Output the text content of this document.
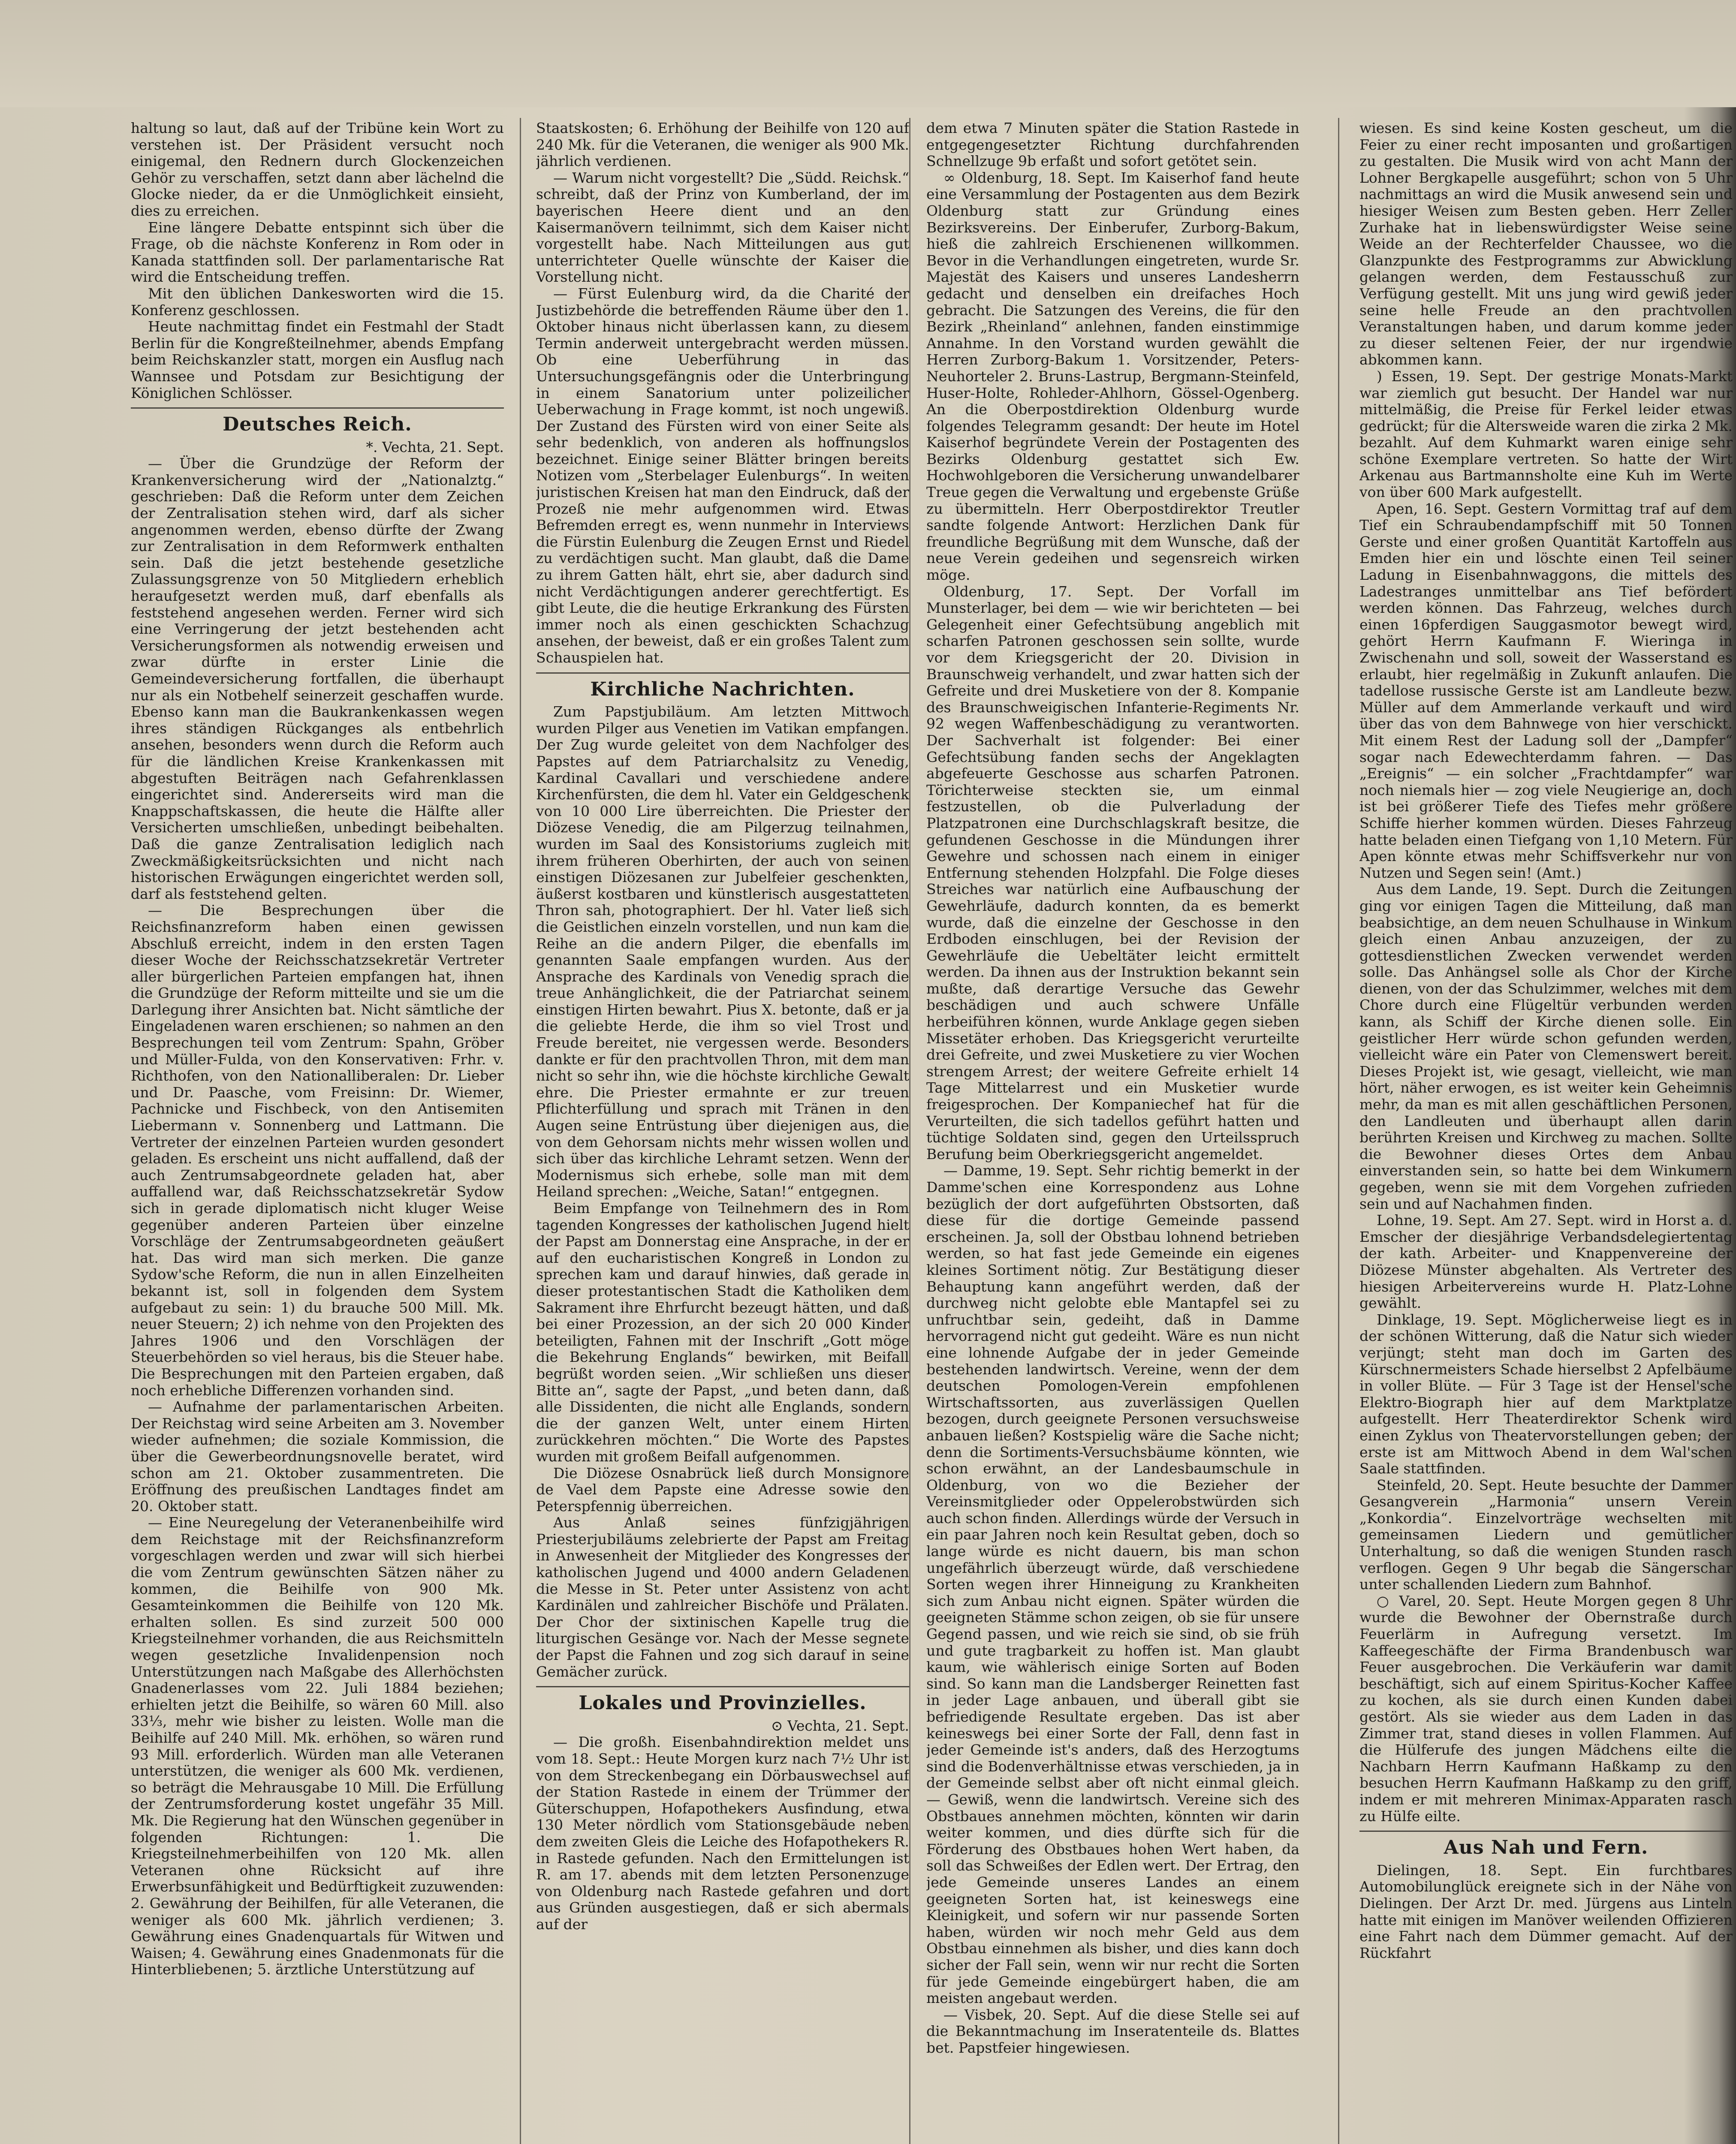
haltung so laut, daß auf der Tribüne kein Wort zu verstehen ist. Der Präsident versucht noch einigemal, den Rednern durch Glockenzeichen Gehör zu verschaffen, setzt dann aber lächelnd die Glocke nieder, da er die Unmöglichkeit einsieht, dies zu erreichen.

Eine längere Debatte entspinnt sich über die Frage, ob die nächste Konferenz in Rom oder in Kanada stattfinden soll. Der parlamentarische Rat wird die Entscheidung treffen.

Mit den üblichen Dankesworten wird die 15. Konferenz geschlossen.

Heute nachmittag findet ein Festmahl der Stadt Berlin für die Kongreßteilnehmer, abends Empfang beim Reichskanzler statt, morgen ein Ausflug nach Wannsee und Potsdam zur Besichtigung der Königlichen Schlösser.

Deutsches Reich.

*. Vechta, 21. Sept.

— Über die Grundzüge der Reform der Krankenversicherung wird der „Nationalztg.“ geschrieben: Daß die Reform unter dem Zeichen der Zentralisation stehen wird, darf als sicher angenommen werden, ebenso dürfte der Zwang zur Zentralisation in dem Reformwerk enthalten sein. Daß die jetzt bestehende gesetzliche Zulassungsgrenze von 50 Mitgliedern erheblich heraufgesetzt werden muß, darf ebenfalls als feststehend angesehen werden. Ferner wird sich eine Verringerung der jetzt bestehenden acht Versicherungsformen als notwendig erweisen und zwar dürfte in erster Linie die Gemeindeversicherung fortfallen, die überhaupt nur als ein Notbehelf seinerzeit geschaffen wurde. Ebenso kann man die Baukrankenkassen wegen ihres ständigen Rückganges als entbehrlich ansehen, besonders wenn durch die Reform auch für die ländlichen Kreise Krankenkassen mit abgestuften Beiträgen nach Gefahrenklassen eingerichtet sind. Andererseits wird man die Knappschaftskassen, die heute die Hälfte aller Versicherten umschließen, unbedingt beibehalten. Daß die ganze Zentralisation lediglich nach Zweckmäßigkeitsrücksichten und nicht nach historischen Erwägungen eingerichtet werden soll, darf als feststehend gelten.

— Die Besprechungen über die Reichsfinanzreform haben einen gewissen Abschluß erreicht, indem in den ersten Tagen dieser Woche der Reichsschatzsekretär Vertreter aller bürgerlichen Parteien empfangen hat, ihnen die Grundzüge der Reform mitteilte und sie um die Darlegung ihrer Ansichten bat. Nicht sämtliche der Eingeladenen waren erschienen; so nahmen an den Besprechungen teil vom Zentrum: Spahn, Gröber und Müller-Fulda, von den Konservativen: Frhr. v. Richthofen, von den Nationalliberalen: Dr. Lieber und Dr. Paasche, vom Freisinn: Dr. Wiemer, Pachnicke und Fischbeck, von den Antisemiten Liebermann v. Sonnenberg und Lattmann. Die Vertreter der einzelnen Parteien wurden gesondert geladen. Es erscheint uns nicht auffallend, daß der auch Zentrumsabgeordnete geladen hat, aber auffallend war, daß Reichsschatzsekretär Sydow sich in gerade diplomatisch nicht kluger Weise gegenüber anderen Parteien über einzelne Vorschläge der Zentrumsabgeordneten geäußert hat. Das wird man sich merken. Die ganze Sydow'sche Reform, die nun in allen Einzelheiten bekannt ist, soll in folgenden dem System aufgebaut zu sein: 1) du brauche 500 Mill. Mk. neuer Steuern; 2) ich nehme von den Projekten des Jahres 1906 und den Vorschlägen der Steuerbehörden so viel heraus, bis die Steuer habe. Die Besprechungen mit den Parteien ergaben, daß noch erhebliche Differenzen vorhanden sind.

— Aufnahme der parlamentarischen Arbeiten. Der Reichstag wird seine Arbeiten am 3. November wieder aufnehmen; die soziale Kommission, die über die Gewerbeordnungsnovelle beratet, wird schon am 21. Oktober zusammentreten. Die Eröffnung des preußischen Landtages findet am 20. Oktober statt.

— Eine Neuregelung der Veteranenbeihilfe wird dem Reichstage mit der Reichsfinanzreform vorgeschlagen werden und zwar will sich hierbei die vom Zentrum gewünschten Sätzen näher zu kommen, die Beihilfe von 900 Mk. Gesamteinkommen die Beihilfe von 120 Mk. erhalten sollen. Es sind zurzeit 500 000 Kriegsteilnehmer vorhanden, die aus Reichsmitteln wegen gesetzliche Invalidenpension noch Unterstützungen nach Maßgabe des Allerhöchsten Gnadenerlasses vom 22. Juli 1884 beziehen; erhielten jetzt die Beihilfe, so wären 60 Mill. also 33⅓, mehr wie bisher zu leisten. Wolle man die Beihilfe auf 240 Mill. Mk. erhöhen, so wären rund 93 Mill. erforderlich. Würden man alle Veteranen unterstützen, die weniger als 600 Mk. verdienen, so beträgt die Mehrausgabe 10 Mill. Die Erfüllung der Zentrumsforderung kostet ungefähr 35 Mill. Mk. Die Regierung hat den Wünschen gegenüber in folgenden Richtungen: 1. Die Kriegsteilnehmerbeihilfen von 120 Mk. allen Veteranen ohne Rücksicht auf ihre Erwerbsunfähigkeit und Bedürftigkeit zuzuwenden: 2. Gewährung der Beihilfen, für alle Veteranen, die weniger als 600 Mk. jährlich verdienen; 3. Gewährung eines Gnadenquartals für Witwen und Waisen; 4. Gewährung eines Gnadenmonats für die Hinterbliebenen; 5. ärztliche Unterstützung auf

Staatskosten; 6. Erhöhung der Beihilfe von 120 auf 240 Mk. für die Veteranen, die weniger als 900 Mk. jährlich verdienen.

— Warum nicht vorgestellt? Die „Südd. Reichsk.“ schreibt, daß der Prinz von Kumberland, der im bayerischen Heere dient und an den Kaisermanövern teilnimmt, sich dem Kaiser nicht vorgestellt habe. Nach Mitteilungen aus gut unterrichteter Quelle wünschte der Kaiser die Vorstellung nicht.

— Fürst Eulenburg wird, da die Charité der Justizbehörde die betreffenden Räume über den 1. Oktober hinaus nicht überlassen kann, zu diesem Termin anderweit untergebracht werden müssen. Ob eine Ueberführung in das Untersuchungsgefängnis oder die Unterbringung in einem Sanatorium unter polizeilicher Ueberwachung in Frage kommt, ist noch ungewiß. Der Zustand des Fürsten wird von einer Seite als sehr bedenklich, von anderen als hoffnungslos bezeichnet. Einige seiner Blätter bringen bereits Notizen vom „Sterbelager Eulenburgs“. In weiten juristischen Kreisen hat man den Eindruck, daß der Prozeß nie mehr aufgenommen wird. Etwas Befremden erregt es, wenn nunmehr in Interviews die Fürstin Eulenburg die Zeugen Ernst und Riedel zu verdächtigen sucht. Man glaubt, daß die Dame zu ihrem Gatten hält, ehrt sie, aber dadurch sind nicht Verdächtigungen anderer gerechtfertigt. Es gibt Leute, die die heutige Erkrankung des Fürsten immer noch als einen geschickten Schachzug ansehen, der beweist, daß er ein großes Talent zum Schauspielen hat.

Kirchliche Nachrichten.

Zum Papstjubiläum. Am letzten Mittwoch wurden Pilger aus Venetien im Vatikan empfangen. Der Zug wurde geleitet von dem Nachfolger des Papstes auf dem Patriarchalsitz zu Venedig, Kardinal Cavallari und verschiedene andere Kirchenfürsten, die dem hl. Vater ein Geldgeschenk von 10 000 Lire überreichten. Die Priester der Diözese Venedig, die am Pilgerzug teilnahmen, wurden im Saal des Konsistoriums zugleich mit ihrem früheren Oberhirten, der auch von seinen einstigen Diözesanen zur Jubelfeier geschenkten, äußerst kostbaren und künstlerisch ausgestatteten Thron sah, photographiert. Der hl. Vater ließ sich die Geistlichen einzeln vorstellen, und nun kam die Reihe an die andern Pilger, die ebenfalls im genannten Saale empfangen wurden. Aus der Ansprache des Kardinals von Venedig sprach die treue Anhänglichkeit, die der Patriarchat seinem einstigen Hirten bewahrt. Pius X. betonte, daß er ja die geliebte Herde, die ihm so viel Trost und Freude bereitet, nie vergessen werde. Besonders dankte er für den prachtvollen Thron, mit dem man nicht so sehr ihn, wie die höchste kirchliche Gewalt ehre. Die Priester ermahnte er zur treuen Pflichterfüllung und sprach mit Tränen in den Augen seine Entrüstung über diejenigen aus, die von dem Gehorsam nichts mehr wissen wollen und sich über das kirchliche Lehramt setzen. Wenn der Modernismus sich erhebe, solle man mit dem Heiland sprechen: „Weiche, Satan!“ entgegnen.

Beim Empfange von Teilnehmern des in Rom tagenden Kongresses der katholischen Jugend hielt der Papst am Donnerstag eine Ansprache, in der er auf den eucharistischen Kongreß in London zu sprechen kam und darauf hinwies, daß gerade in dieser protestantischen Stadt die Katholiken dem Sakrament ihre Ehrfurcht bezeugt hätten, und daß bei einer Prozession, an der sich 20 000 Kinder beteiligten, Fahnen mit der Inschrift „Gott möge die Bekehrung Englands“ bewirken, mit Beifall begrüßt worden seien. „Wir schließen uns dieser Bitte an“, sagte der Papst, „und beten dann, daß alle Dissidenten, die nicht alle Englands, sondern die der ganzen Welt, unter einem Hirten zurückkehren möchten.“ Die Worte des Papstes wurden mit großem Beifall aufgenommen.

Die Diözese Osnabrück ließ durch Monsignore de Vael dem Papste eine Adresse sowie den Peterspfennig überreichen.

Aus Anlaß seines fünfzigjährigen Priesterjubiläums zelebrierte der Papst am Freitag in Anwesenheit der Mitglieder des Kongresses der katholischen Jugend und 4000 andern Geladenen die Messe in St. Peter unter Assistenz von acht Kardinälen und zahlreicher Bischöfe und Prälaten. Der Chor der sixtinischen Kapelle trug die liturgischen Gesänge vor. Nach der Messe segnete der Papst die Fahnen und zog sich darauf in seine Gemächer zurück.

Lokales und Provinzielles.

⊙ Vechta, 21. Sept.

— Die großh. Eisenbahndirektion meldet uns vom 18. Sept.: Heute Morgen kurz nach 7½ Uhr ist von dem Streckenbegang ein Dörbauswechsel auf der Station Rastede in einem der Trümmer der Güterschuppen, Hofapothekers Ausfindung, etwa 130 Meter nördlich vom Stationsgebäude neben dem zweiten Gleis die Leiche des Hofapothekers R. in Rastede gefunden. Nach den Ermittelungen ist R. am 17. abends mit dem letzten Personenzuge von Oldenburg nach Rastede gefahren und dort aus Gründen ausgestiegen, daß er sich abermals auf der

dem etwa 7 Minuten später die Station Rastede in entgegengesetzter Richtung durchfahrenden Schnellzuge 9b erfaßt und sofort getötet sein.

∞ Oldenburg, 18. Sept. Im Kaiserhof fand heute eine Versammlung der Postagenten aus dem Bezirk Oldenburg statt zur Gründung eines Bezirksvereins. Der Einberufer, Zurborg-Bakum, hieß die zahlreich Erschienenen willkommen. Bevor in die Verhandlungen eingetreten, wurde Sr. Majestät des Kaisers und unseres Landesherrn gedacht und denselben ein dreifaches Hoch gebracht. Die Satzungen des Vereins, die für den Bezirk „Rheinland“ anlehnen, fanden einstimmige Annahme. In den Vorstand wurden gewählt die Herren Zurborg-Bakum 1. Vorsitzender, Peters-Neuhorteler 2. Bruns-Lastrup, Bergmann-Steinfeld, Huser-Holte, Rohleder-Ahlhorn, Gössel-Ogenberg. An die Oberpostdirektion Oldenburg wurde folgendes Telegramm gesandt: Der heute im Hotel Kaiserhof begründete Verein der Postagenten des Bezirks Oldenburg gestattet sich Ew. Hochwohlgeboren die Versicherung unwandelbarer Treue gegen die Verwaltung und ergebenste Grüße zu übermitteln. Herr Oberpostdirektor Treutler sandte folgende Antwort: Herzlichen Dank für freundliche Begrüßung mit dem Wunsche, daß der neue Verein gedeihen und segensreich wirken möge.

Oldenburg, 17. Sept. Der Vorfall im Munsterlager, bei dem — wie wir berichteten — bei Gelegenheit einer Gefechtsübung angeblich mit scharfen Patronen geschossen sein sollte, wurde vor dem Kriegsgericht der 20. Division in Braunschweig verhandelt, und zwar hatten sich der Gefreite und drei Musketiere von der 8. Kompanie des Braunschweigischen Infanterie-Regiments Nr. 92 wegen Waffenbeschädigung zu verantworten. Der Sachverhalt ist folgender: Bei einer Gefechtsübung fanden sechs der Angeklagten abgefeuerte Geschosse aus scharfen Patronen. Törichterweise steckten sie, um einmal festzustellen, ob die Pulverladung der Platzpatronen eine Durchschlagskraft besitze, die gefundenen Geschosse in die Mündungen ihrer Gewehre und schossen nach einem in einiger Entfernung stehenden Holzpfahl. Die Folge dieses Streiches war natürlich eine Aufbauschung der Gewehrläufe, dadurch konnten, da es bemerkt wurde, daß die einzelne der Geschosse in den Erdboden einschlugen, bei der Revision der Gewehrläufe die Uebeltäter leicht ermittelt werden. Da ihnen aus der Instruktion bekannt sein mußte, daß derartige Versuche das Gewehr beschädigen und auch schwere Unfälle herbeiführen können, wurde Anklage gegen sieben Missetäter erhoben. Das Kriegsgericht verurteilte drei Gefreite, und zwei Musketiere zu vier Wochen strengem Arrest; der weitere Gefreite erhielt 14 Tage Mittelarrest und ein Musketier wurde freigesprochen. Der Kompaniechef hat für die Verurteilten, die sich tadellos geführt hatten und tüchtige Soldaten sind, gegen den Urteilsspruch Berufung beim Oberkriegsgericht angemeldet.

— Damme, 19. Sept. Sehr richtig bemerkt in der Damme'schen eine Korrespondenz aus Lohne bezüglich der dort aufgeführten Obstsorten, daß diese für die dortige Gemeinde passend erscheinen. Ja, soll der Obstbau lohnend betrieben werden, so hat fast jede Gemeinde ein eigenes kleines Sortiment nötig. Zur Bestätigung dieser Behauptung kann angeführt werden, daß der durchweg nicht gelobte eble Mantapfel sei zu unfruchtbar sein, gedeiht, daß in Damme hervorragend nicht gut gedeiht. Wäre es nun nicht eine lohnende Aufgabe der in jeder Gemeinde bestehenden landwirtsch. Vereine, wenn der dem deutschen Pomologen-Verein empfohlenen Wirtschaftssorten, aus zuverlässigen Quellen bezogen, durch geeignete Personen versuchsweise anbauen ließen? Kostspielig wäre die Sache nicht; denn die Sortiments-Versuchsbäume könnten, wie schon erwähnt, an der Landesbaumschule in Oldenburg, von wo die Bezieher der Vereinsmitglieder oder Oppelerobstwürden sich auch schon finden. Allerdings würde der Versuch in ein paar Jahren noch kein Resultat geben, doch so lange würde es nicht dauern, bis man schon ungefährlich überzeugt würde, daß verschiedene Sorten wegen ihrer Hinneigung zu Krankheiten sich zum Anbau nicht eignen. Später würden die geeigneten Stämme schon zeigen, ob sie für unsere Gegend passen, und wie reich sie sind, ob sie früh und gute tragbarkeit zu hoffen ist. Man glaubt kaum, wie wählerisch einige Sorten auf Boden sind. So kann man die Landsberger Reinetten fast in jeder Lage anbauen, und überall gibt sie befriedigende Resultate ergeben. Das ist aber keineswegs bei einer Sorte der Fall, denn fast in jeder Gemeinde ist's anders, daß des Herzogtums sind die Bodenverhältnisse etwas verschieden, ja in der Gemeinde selbst aber oft nicht einmal gleich. — Gewiß, wenn die landwirtsch. Vereine sich des Obstbaues annehmen möchten, könnten wir darin weiter kommen, und dies dürfte sich für die Förderung des Obstbaues hohen Wert haben, da soll das Schweißes der Edlen wert. Der Ertrag, den jede Gemeinde unseres Landes an einem geeigneten Sorten hat, ist keineswegs eine Kleinigkeit, und sofern wir nur passende Sorten haben, würden wir noch mehr Geld aus dem Obstbau einnehmen als bisher, und dies kann doch sicher der Fall sein, wenn wir nur recht die Sorten für jede Gemeinde eingebürgert haben, die am meisten angebaut werden.

— Visbek, 20. Sept. Auf die diese Stelle sei auf die Bekanntmachung im Inseratenteile ds. Blattes bet. Papstfeier hingewiesen.

wiesen. Es sind keine Kosten gescheut, um die Feier zu einer recht imposanten und großartigen zu gestalten. Die Musik wird von acht Mann der Lohner Bergkapelle ausgeführt; schon von 5 Uhr nachmittags an wird die Musik anwesend sein und hiesiger Weisen zum Besten geben. Herr Zeller Zurhake hat in liebenswürdigster Weise seine Weide an der Rechterfelder Chaussee, wo die Glanzpunkte des Festprogramms zur Abwicklung gelangen werden, dem Festausschuß zur Verfügung gestellt. Mit uns jung wird gewiß jeder seine helle Freude an den prachtvollen Veranstaltungen haben, und darum komme jeder zu dieser seltenen Feier, der nur irgendwie abkommen kann.

) Essen, 19. Sept. Der gestrige Monats-Markt war ziemlich gut besucht. Der Handel war nur mittelmäßig, die Preise für Ferkel leider etwas gedrückt; für die Altersweide waren die zirka 2 Mk. bezahlt. Auf dem Kuhmarkt waren einige sehr schöne Exemplare vertreten. So hatte der Wirt Arkenau aus Bartmannsholte eine Kuh im Werte von über 600 Mark aufgestellt.

Apen, 16. Sept. Gestern Vormittag traf auf dem Tief ein Schraubendampfschiff mit 50 Tonnen Gerste und einer großen Quantität Kartoffeln aus Emden hier ein und löschte einen Teil seiner Ladung in Eisenbahnwaggons, die mittels des Ladestranges unmittelbar ans Tief befördert werden können. Das Fahrzeug, welches durch einen 16pferdigen Sauggasmotor bewegt wird, gehört Herrn Kaufmann F. Wieringa in Zwischenahn und soll, soweit der Wasserstand es erlaubt, hier regelmäßig in Zukunft anlaufen. Die tadellose russische Gerste ist am Landleute bezw. Müller auf dem Ammerlande verkauft und wird über das von dem Bahnwege von hier verschickt. Mit einem Rest der Ladung soll der „Dampfer“ sogar nach Edewechterdamm fahren. — Das „Ereignis“ — ein solcher „Frachtdampfer“ war noch niemals hier — zog viele Neugierige an, doch ist bei größerer Tiefe des Tiefes mehr größere Schiffe hierher kommen würden. Dieses Fahrzeug hatte beladen einen Tiefgang von 1,10 Metern. Für Apen könnte etwas mehr Schiffsverkehr nur von Nutzen und Segen sein! (Amt.)

Aus dem Lande, 19. Sept. Durch die Zeitungen ging vor einigen Tagen die Mitteilung, daß man beabsichtige, an dem neuen Schulhause in Winkum gleich einen Anbau anzuzeigen, der zu gottesdienstlichen Zwecken verwendet werden solle. Das Anhängsel solle als Chor der Kirche dienen, von der das Schulzimmer, welches mit dem Chore durch eine Flügeltür verbunden werden kann, als Schiff der Kirche dienen solle. Ein geistlicher Herr würde schon gefunden werden, vielleicht wäre ein Pater von Clemenswert bereit. Dieses Projekt ist, wie gesagt, vielleicht, wie man hört, näher erwogen, es ist weiter kein Geheimnis mehr, da man es mit allen geschäftlichen Personen, den Landleuten und überhaupt allen darin berührten Kreisen und Kirchweg zu machen. Sollte die Bewohner dieses Ortes dem Anbau einverstanden sein, so hatte bei dem Winkumern gegeben, wenn sie mit dem Vorgehen zufrieden sein und auf Nachahmen finden.

Lohne, 19. Sept. Am 27. Sept. wird in Horst a. d. Emscher der diesjährige Verbandsdelegiertentag der kath. Arbeiter- und Knappenvereine der Diözese Münster abgehalten. Als Vertreter des hiesigen Arbeitervereins wurde H. Platz-Lohne gewählt.

Dinklage, 19. Sept. Möglicherweise liegt es in der schönen Witterung, daß die Natur sich wieder verjüngt; steht man doch im Garten des Kürschnermeisters Schade hierselbst 2 Apfelbäume in voller Blüte. — Für 3 Tage ist der Hensel'sche Elektro-Biograph hier auf dem Marktplatze aufgestellt. Herr Theaterdirektor Schenk wird einen Zyklus von Theatervorstellungen geben; der erste ist am Mittwoch Abend in dem Wal'schen Saale stattfinden.

Steinfeld, 20. Sept. Heute besuchte der Dammer Gesangverein „Harmonia“ unsern Verein „Konkordia“. Einzelvorträge wechselten mit gemeinsamen Liedern und gemütlicher Unterhaltung, so daß die wenigen Stunden rasch verflogen. Gegen 9 Uhr begab die Sängerschar unter schallenden Liedern zum Bahnhof.

○ Varel, 20. Sept. Heute Morgen gegen 8 Uhr wurde die Bewohner der Obernstraße durch Feuerlärm in Aufregung versetzt. Im Kaffeegeschäfte der Firma Brandenbusch war Feuer ausgebrochen. Die Verkäuferin war damit beschäftigt, sich auf einem Spiritus-Kocher Kaffee zu kochen, als sie durch einen Kunden dabei gestört. Als sie wieder aus dem Laden in das Zimmer trat, stand dieses in vollen Flammen. Auf die Hülferufe des jungen Mädchens eilte die Nachbarn Herrn Kaufmann Haßkamp zu den besuchen Herrn Kaufmann Haßkamp zu den griff, indem er mit mehreren Minimax-Apparaten rasch zu Hülfe eilte.

Aus Nah und Fern.

Dielingen, 18. Sept. Ein furchtbares Automobilunglück ereignete sich in der Nähe von Dielingen. Der Arzt Dr. med. Jürgens aus Linteln hatte mit einigen im Manöver weilenden Offizieren eine Fahrt nach dem Dümmer gemacht. Auf der Rückfahrt
